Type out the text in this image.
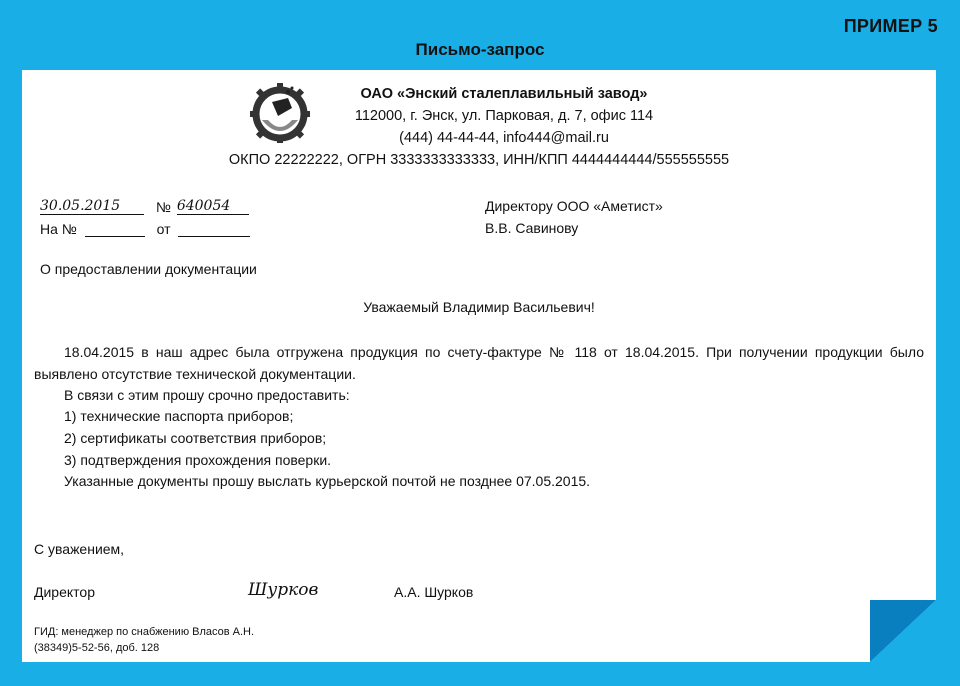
ПРИМЕР 5
Письмо-запрос
ОАО «Энский сталеплавильный завод»
112000, г. Энск, ул. Парковая, д. 7, офис 114
(444) 44-44-44, info444@mail.ru
ОКПО 22222222, ОГРН 3333333333333, ИНН/КПП 4444444444/555555555
30.05.2015	№ 640054
На №	от
Директору ООО «Аметист»
В.В. Савинову
О предоставлении документации
Уважаемый Владимир Васильевич!
18.04.2015 в наш адрес была отгружена продукция по счету-фактуре № 118 от 18.04.2015. При получении продукции было выявлено отсутствие технической документации.
В связи с этим прошу срочно предоставить:
1) технические паспорта приборов;
2) сертификаты соответствия приборов;
3) подтверждения прохождения поверки.
Указанные документы прошу выслать курьерской почтой не позднее 07.05.2015.
С уважением,
Директор	Шурков	А.А. Шурков
ГИД: менеджер по снабжению Власов А.Н.
(38349)5-52-56, доб. 128
